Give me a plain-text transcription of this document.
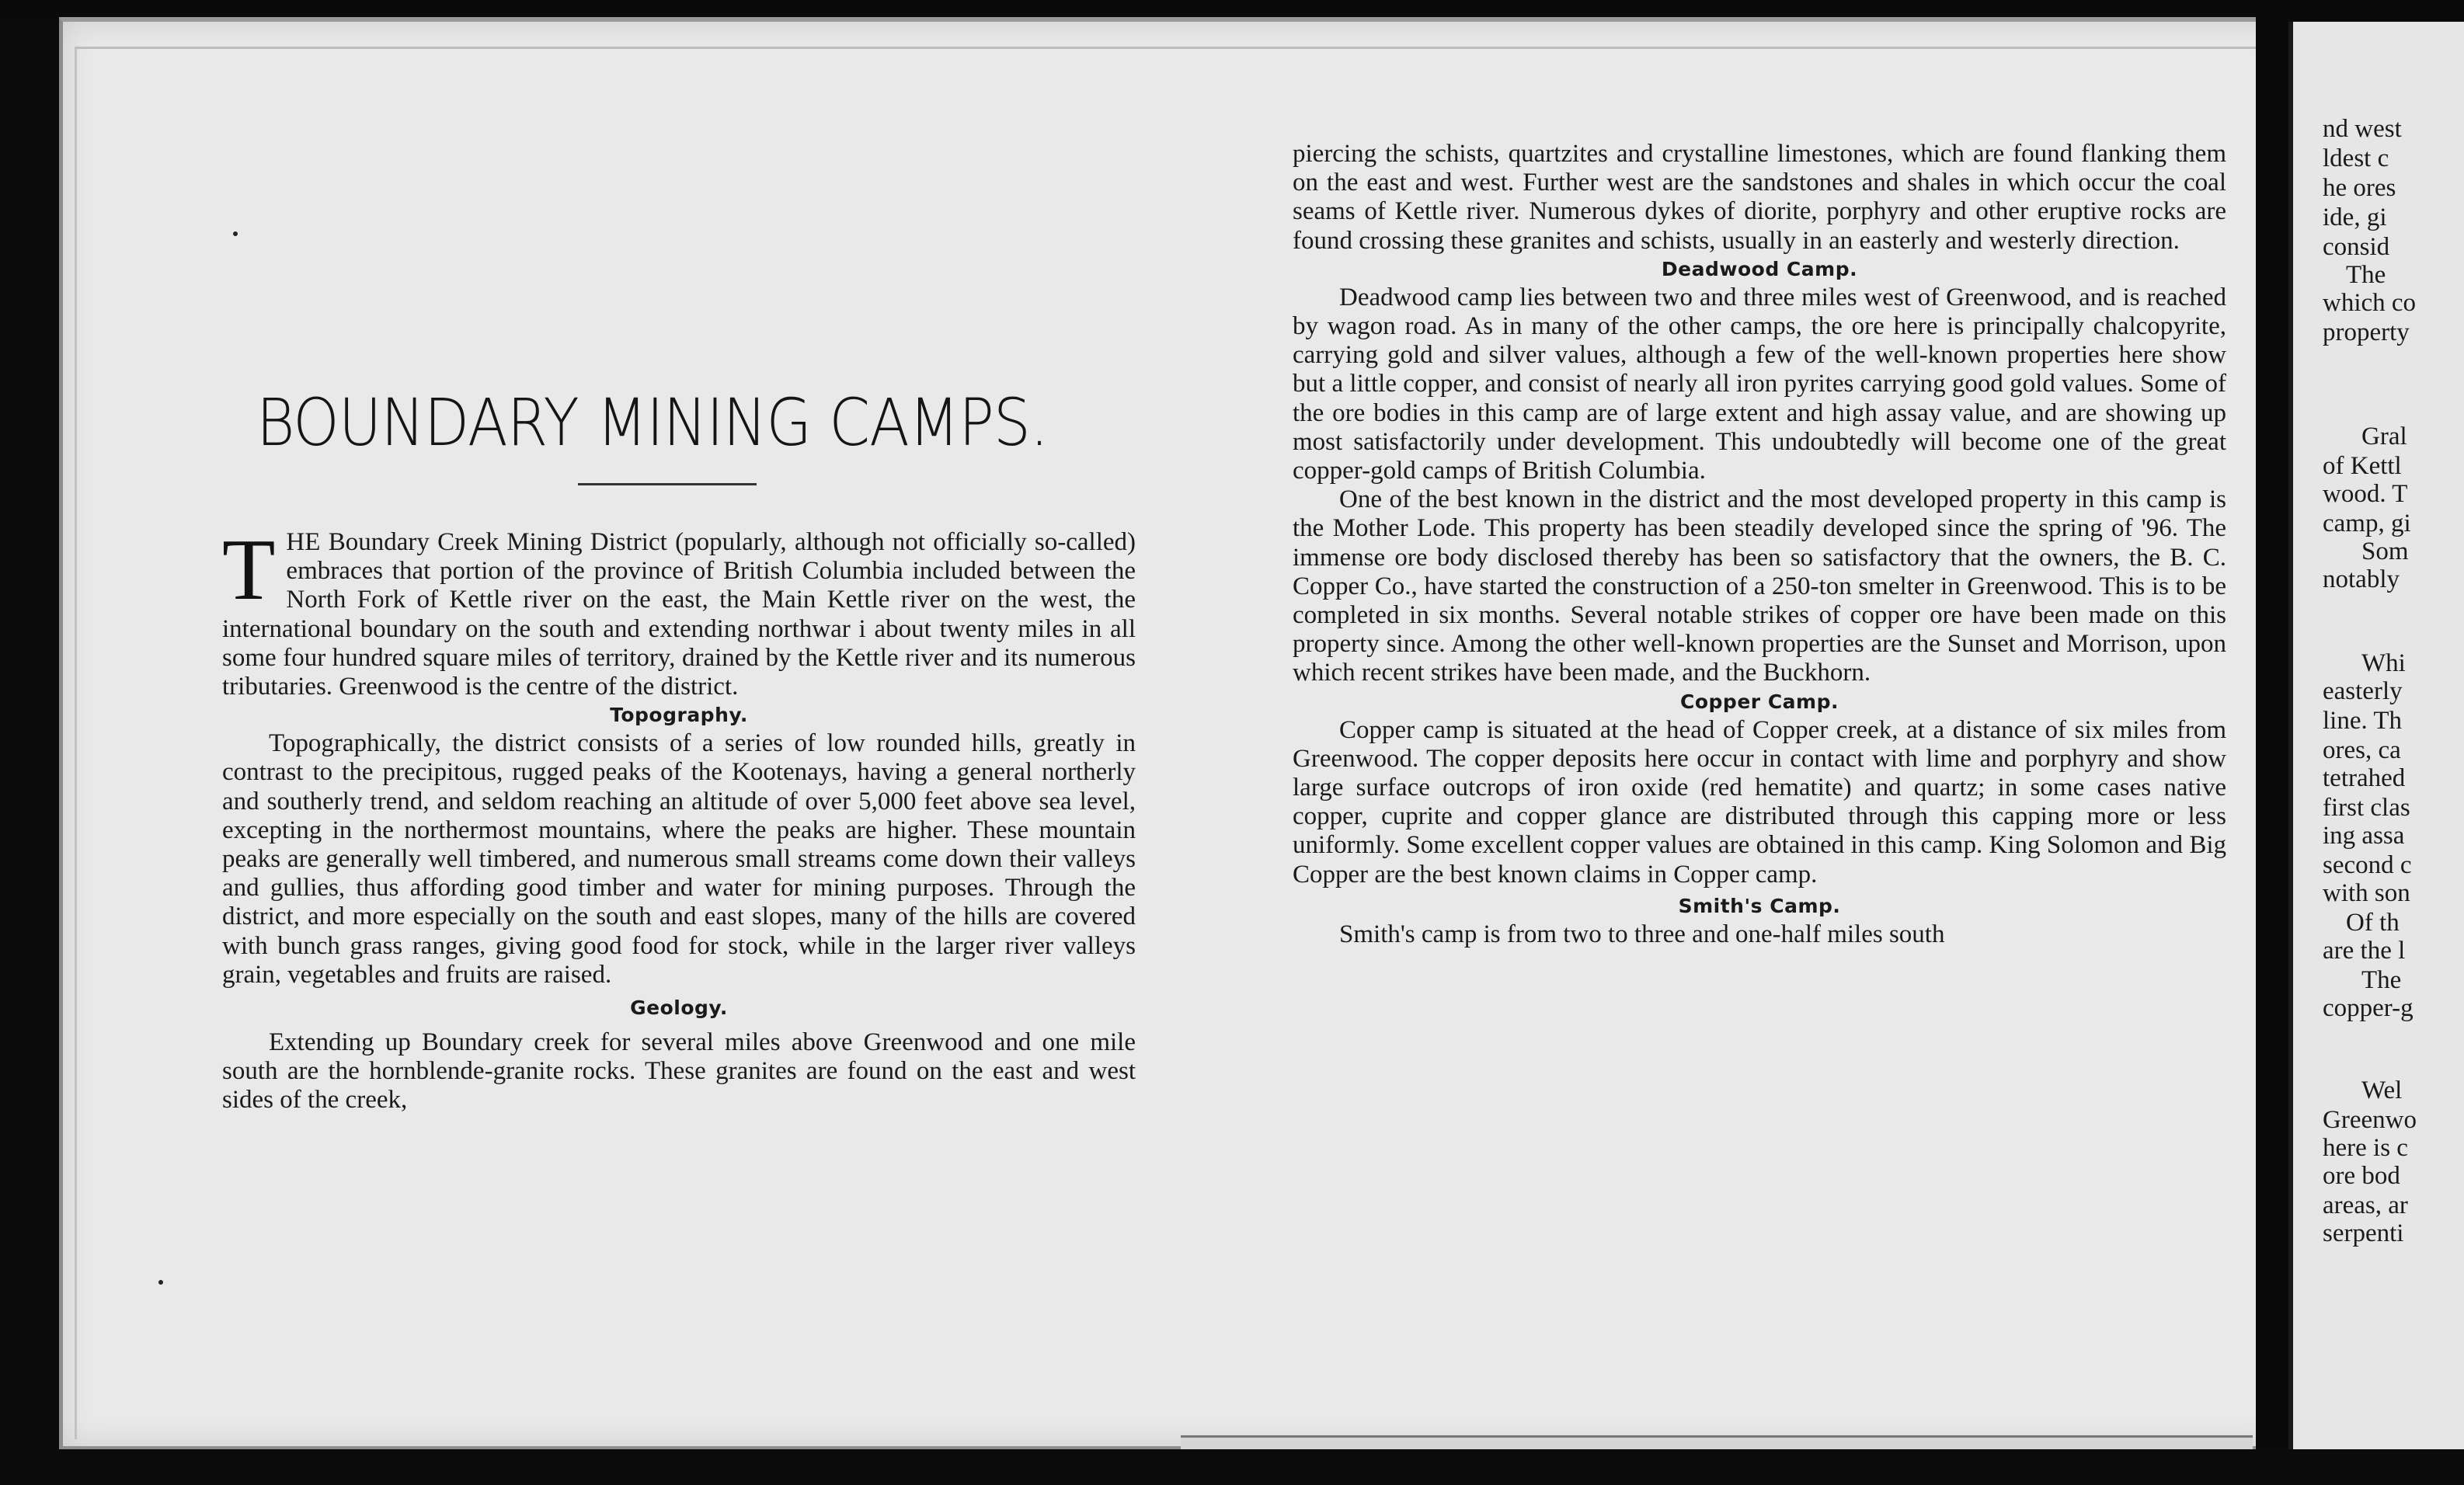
BOUNDARY MINING CAMPS.

THE Boundary Creek Mining District (popularly, although not officially so-called) embraces that portion of the province of British Columbia included between the North Fork of Kettle river on the east, the Main Kettle river on the west, the international boundary on the south and extending northwar i about twenty miles in all some four hundred square miles of territory, drained by the Kettle river and its numerous tributaries. Greenwood is the centre of the district.

Topography.

Topographically, the district consists of a series of low rounded hills, greatly in contrast to the precipitous, rugged peaks of the Kootenays, having a general northerly and southerly trend, and seldom reaching an altitude of over 5,000 feet above sea level, excepting in the northermost mountains, where the peaks are higher. These mountain peaks are generally well timbered, and numerous small streams come down their valleys and gullies, thus affording good timber and water for mining purposes. Through the district, and more especially on the south and east slopes, many of the hills are covered with bunch grass ranges, giving good food for stock, while in the larger river valleys grain, vegetables and fruits are raised.

Geology.

Extending up Boundary creek for several miles above Greenwood and one mile south are the hornblende-granite rocks. These granites are found on the east and west sides of the creek,

piercing the schists, quartzites and crystalline limestones, which are found flanking them on the east and west. Further west are the sandstones and shales in which occur the coal seams of Kettle river. Numerous dykes of diorite, porphyry and other eruptive rocks are found crossing these granites and schists, usually in an easterly and westerly direction.

Deadwood Camp.

Deadwood camp lies between two and three miles west of Greenwood, and is reached by wagon road. As in many of the other camps, the ore here is principally chalcopyrite, carrying gold and silver values, although a few of the well-known properties here show but a little copper, and consist of nearly all iron pyrites carrying good gold values. Some of the ore bodies in this camp are of large extent and high assay value, and are showing up most satisfactorily under development. This undoubtedly will become one of the great copper-gold camps of British Columbia.

One of the best known in the district and the most developed property in this camp is the Mother Lode. This property has been steadily developed since the spring of '96. The immense ore body disclosed thereby has been so satisfactory that the owners, the B. C. Copper Co., have started the construction of a 250-ton smelter in Greenwood. This is to be completed in six months. Several notable strikes of copper ore have been made on this property since. Among the other well-known properties are the Sunset and Morrison, upon which recent strikes have been made, and the Buckhorn.

Copper Camp.

Copper camp is situated at the head of Copper creek, at a distance of six miles from Greenwood. The copper deposits here occur in contact with lime and porphyry and show large surface outcrops of iron oxide (red hematite) and quartz; in some cases native copper, cuprite and copper glance are distributed through this capping more or less uniformly. Some excellent copper values are obtained in this camp. King Solomon and Big Copper are the best known claims in Copper camp.

Smith's Camp.

Smith's camp is from two to three and one-half miles south

nd west
ldest c
he ores
ide, gi
consid
The
which co
property
Gral
of Kettl
wood. T
camp, gi
Som
notably
Whi
easterly
line. Th
ores, ca
tetrahed
first clas
ing assa
second c
with son
Of th
are the l
The
copper-g
Wel
Greenwo
here is c
ore bod
areas, ar
serpenti
